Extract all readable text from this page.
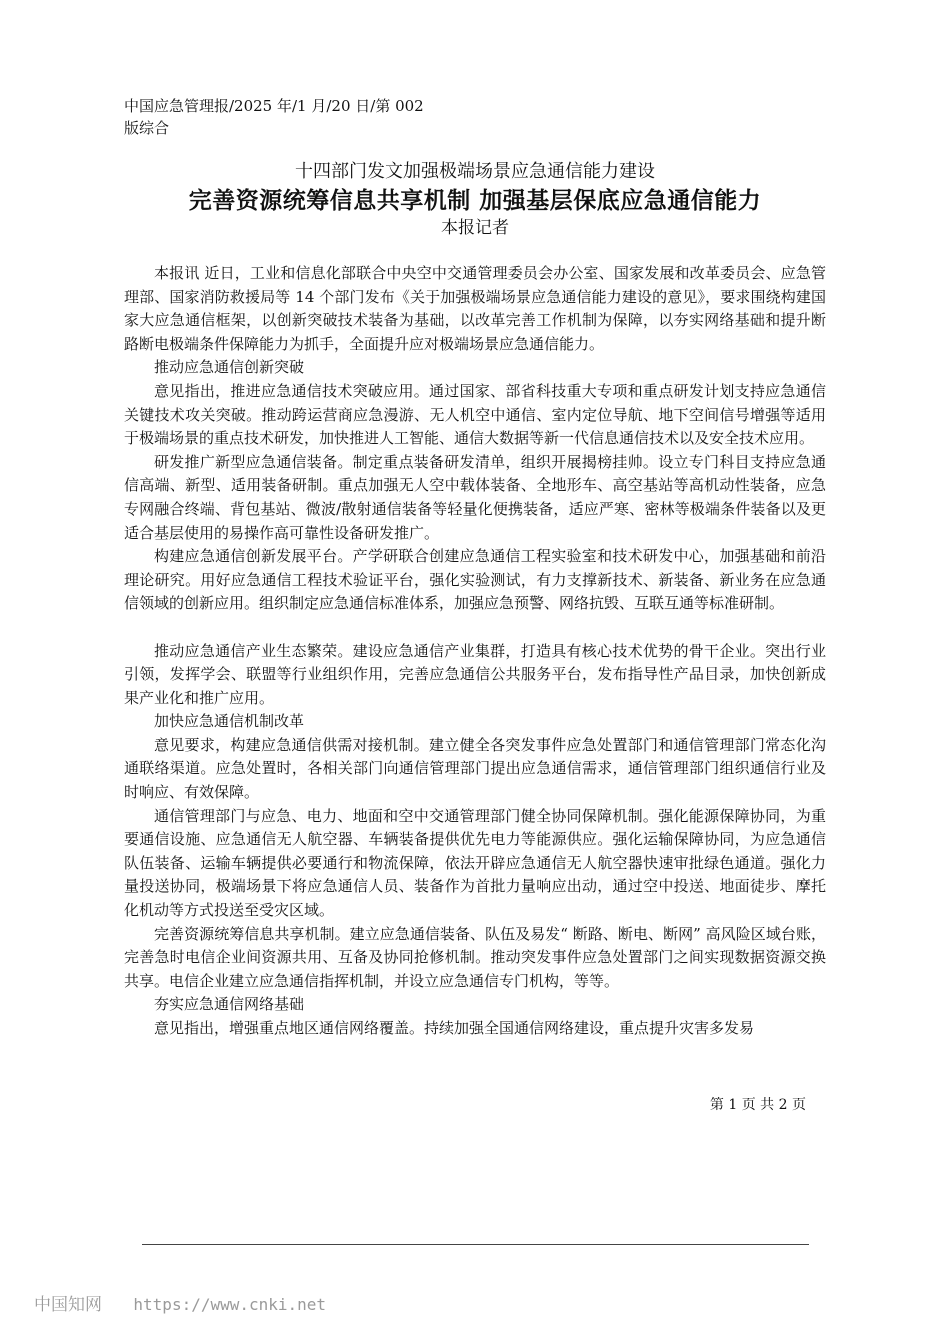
中国应急管理报/2025 年/1 月/20 日/第 002 版综合
十四部门发文加强极端场景应急通信能力建设
完善资源统筹信息共享机制 加强基层保底应急通信能力
本报记者

本报讯 近日，工业和信息化部联合中央空中交通管理委员会办公室、国家发展和改革委员会、应急管理部、国家消防救援局等 14 个部门发布《关于加强极端场景应急通信能力建设的意见》，要求围绕构建国家大应急通信框架，以创新突破技术装备为基础，以改革完善工作机制为保障，以夯实网络基础和提升断路断电极端条件保障能力为抓手，全面提升应对极端场景应急通信能力。

推动应急通信创新突破

意见指出，推进应急通信技术突破应用。通过国家、部省科技重大专项和重点研发计划支持应急通信关键技术攻关突破。推动跨运营商应急漫游、无人机空中通信、室内定位导航、地下空间信号增强等适用于极端场景的重点技术研发，加快推进人工智能、通信大数据等新一代信息通信技术以及安全技术应用。

研发推广新型应急通信装备。制定重点装备研发清单，组织开展揭榜挂帅。设立专门科目支持应急通信高端、新型、适用装备研制。重点加强无人空中载体装备、全地形车、高空基站等高机动性装备，应急专网融合终端、背包基站、微波/散射通信装备等轻量化便携装备，适应严寒、密林等极端条件装备以及更适合基层使用的易操作高可靠性设备研发推广。

构建应急通信创新发展平台。产学研联合创建应急通信工程实验室和技术研发中心，加强基础和前沿理论研究。用好应急通信工程技术验证平台，强化实验测试，有力支撑新技术、新装备、新业务在应急通信领域的创新应用。组织制定应急通信标准体系，加强应急预警、网络抗毁、互联互通等标准研制。

推动应急通信产业生态繁荣。建设应急通信产业集群，打造具有核心技术优势的骨干企业。突出行业引领，发挥学会、联盟等行业组织作用，完善应急通信公共服务平台，发布指导性产品目录，加快创新成果产业化和推广应用。

加快应急通信机制改革

意见要求，构建应急通信供需对接机制。建立健全各突发事件应急处置部门和通信管理部门常态化沟通联络渠道。应急处置时，各相关部门向通信管理部门提出应急通信需求，通信管理部门组织通信行业及时响应、有效保障。

通信管理部门与应急、电力、地面和空中交通管理部门健全协同保障机制。强化能源保障协同，为重要通信设施、应急通信无人航空器、车辆装备提供优先电力等能源供应。强化运输保障协同，为应急通信队伍装备、运输车辆提供必要通行和物流保障，依法开辟应急通信无人航空器快速审批绿色通道。强化力量投送协同，极端场景下将应急通信人员、装备作为首批力量响应出动，通过空中投送、地面徒步、摩托化机动等方式投送至受灾区域。

完善资源统筹信息共享机制。建立应急通信装备、队伍及易发“ 断路、断电、断网” 高风险区域台账，完善急时电信企业间资源共用、互备及协同抢修机制。推动突发事件应急处置部门之间实现数据资源交换共享。电信企业建立应急通信指挥机制，并设立应急通信专门机构，等等。

夯实应急通信网络基础

意见指出，增强重点地区通信网络覆盖。持续加强全国通信网络建设，重点提升灾害多发易

第 1 页 共 2 页
中国知网 https://www.cnki.net
